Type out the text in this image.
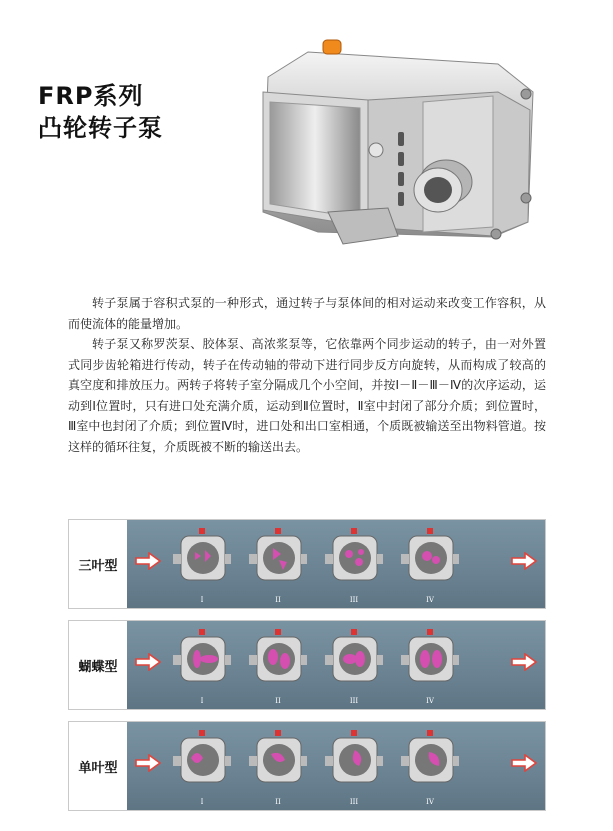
FRP系列
凸轮转子泵

转子泵属于容积式泵的一种形式，通过转子与泵体间的相对运动来改变工作容积，从而使流体的能量增加。

转子泵又称罗茨泵、胶体泵、高浓浆泵等，它依靠两个同步运动的转子，由一对外置式同步齿轮箱进行传动，转子在传动轴的带动下进行同步反方向旋转，从而构成了较高的真空度和排放压力。两转子将转子室分隔成几个小空间，并按Ⅰ－Ⅱ－Ⅲ－Ⅳ的次序运动，运动到Ⅰ位置时，只有进口处充满介质，运动到Ⅱ位置时，Ⅱ室中封闭了部分介质；到位置时，Ⅲ室中也封闭了介质；到位置Ⅳ时，进口处和出口室相通，个质既被输送至出物料管道。按这样的循环往复，介质既被不断的输送出去。

三叶型
I	II	III	IV
蝴蝶型
I	II	III	IV
单叶型
I	II	III	IV
